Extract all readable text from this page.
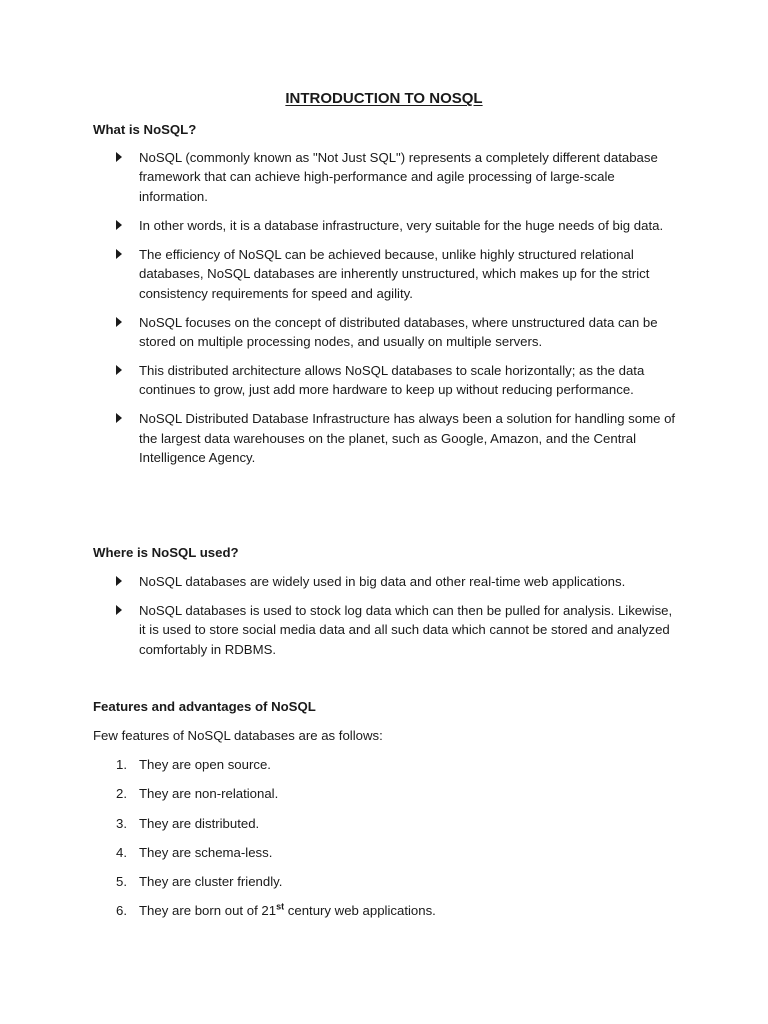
INTRODUCTION TO NOSQL
What is NoSQL?
NoSQL (commonly known as "Not Just SQL") represents a completely different database framework that can achieve high-performance and agile processing of large-scale information.
In other words, it is a database infrastructure, very suitable for the huge needs of big data.
The efficiency of NoSQL can be achieved because, unlike highly structured relational databases, NoSQL databases are inherently unstructured, which makes up for the strict consistency requirements for speed and agility.
NoSQL focuses on the concept of distributed databases, where unstructured data can be stored on multiple processing nodes, and usually on multiple servers.
This distributed architecture allows NoSQL databases to scale horizontally; as the data continues to grow, just add more hardware to keep up without reducing performance.
NoSQL Distributed Database Infrastructure has always been a solution for handling some of the largest data warehouses on the planet, such as Google, Amazon, and the Central Intelligence Agency.
Where is NoSQL used?
NoSQL databases are widely used in big data and other real-time web applications.
NoSQL databases is used to stock log data which can then be pulled for analysis. Likewise, it is used to store social media data and all such data which cannot be stored and analyzed comfortably in RDBMS.
Features and advantages of NoSQL

Few features of NoSQL databases are as follows:

1. They are open source.
2. They are non-relational.
3. They are distributed.
4. They are schema-less.
5. They are cluster friendly.
6. They are born out of 21st century web applications.
